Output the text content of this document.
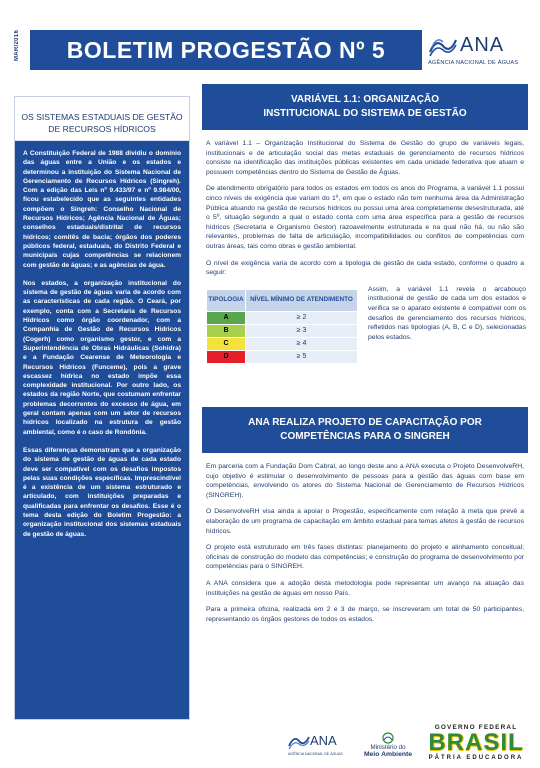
MAR/2016 BOLETIM PROGESTÃO Nº 5	ANA
AGÊNCIA NACIONAL DE ÁGUAS
OS SISTEMAS ESTADUAIS DE GESTÃO DE RECURSOS HÍDRICOS

A Constituição Federal de 1988 dividiu o domínio das águas entre a União e os estados e determinou a instituição do Sistema Nacional de Gerenciamento de Recursos Hídricos (Singreh). Com a edição das Leis nº 9.433/97 e nº 9.984/00, ficou estabelecido que as seguintes entidades compõem o Singreh: Conselho Nacional de Recursos Hídricos; Agência Nacional de Águas; conselhos estaduais/distrital de recursos hídricos; comitês de bacia; órgãos dos poderes públicos federal, estaduais, do Distrito Federal e municipais cujas competências se relacionem com gestão de águas; e as agências de água.

Nos estados, a organização institucional do sistema de gestão de águas varia de acordo com as características de cada região. O Ceará, por exemplo, conta com a Secretaria de Recursos Hídricos como órgão coordenador, com a Companhia de Gestão de Recursos Hídricos (Cogerh) como organismo gestor, e com a Superintendência de Obras Hidráulicas (Sohidra) e a Fundação Cearense de Meteorologia e Recursos Hídricos (Funceme), pois a grave escassez hídrica no estado impõe essa complexidade institucional. Por outro lado, os estados da região Norte, que costumam enfrentar problemas decorrentes do excesso de água, em geral contam apenas com um setor de recursos hídricos localizado na estrutura de gestão ambiental, como é o caso de Rondônia.

Essas diferenças demonstram que a organização do sistema de gestão de águas de cada estado deve ser compatível com os desafios impostos pelas suas condições específicas. Imprescindível é a existência de um sistema estruturado e articulado, com instituições preparadas e qualificadas para enfrentar os desafios. Esse é o tema desta edição do Boletim Progestão: a organização institucional dos sistemas estaduais de gestão de águas.

VARIÁVEL 1.1: ORGANIZAÇÃO
INSTITUCIONAL DO SISTEMA DE GESTÃO

A variável 1.1 – Organização Institucional do Sistema de Gestão do grupo de variáveis legais, institucionais e de articulação social das metas estaduais de gerenciamento de recursos hídricos consiste na identificação das instituições públicas existentes em cada unidade federativa que atuam e possuem competências dentro do Sistema de Gestão de Águas.

De atendimento obrigatório para todos os estados em todos os anos do Programa, a variável 1.1 possui cinco níveis de exigência que variam do 1º, em que o estado não tem nenhuma área da Administração Pública atuando na gestão de recursos hídricos ou possui uma área completamente desestruturada, até o 5º, situação segundo a qual o estado conta com uma área específica para a gestão de recursos hídricos (Secretaria e Organismo Gestor) razoavelmente estruturada e na qual não há, ou não são relevantes, problemas de falta de articulação, incompatibilidades ou conflitos de competências com outras áreas, tais como obras e gestão ambiental.

O nível de exigência varia de acordo com a tipologia de gestão de cada estado, conforme o quadro a seguir:

TIPOLOGIA	NÍVEL MÍNIMO DE ATENDIMENTO
A	≥ 2
B	≥ 3
C	≥ 4
D	≥ 5
Assim, a variável 1.1 revela o arcabouço institucional de gestão de cada um dos estados e verifica se o aparato existente é compatível com os desafios de gerenciamento dos recursos hídricos, refletidos nas tipologias (A, B, C e D), selecionadas pelos estados.
ANA REALIZA PROJETO DE CAPACITAÇÃO POR
COMPETÊNCIAS PARA O SINGREH

Em parceria com a Fundação Dom Cabral, ao longo deste ano a ANA executa o Projeto DesenvolveRH, cujo objetivo é estimular o desenvolvimento de pessoas para a gestão das águas com base em competências, envolvendo os atores do Sistema Nacional de Gerenciamento de Recursos Hídricos (SINGREH).

O DesenvolveRH visa ainda a apoiar o Progestão, especificamente com relação à meta que prevê a elaboração de um programa de capacitação em âmbito estadual para temas afetos à gestão de recursos hídricos.

O projeto está estruturado em três fases distintas: planejamento do projeto e alinhamento conceitual; oficinas de construção do modelo das competências; e construção do programa de desenvolvimento por competências para o SINGREH.

A ANA considera que a adoção desta metodologia pode representar um avanço na atuação das instituições na gestão de águas em nosso País.

Para a primeira oficina, realizada em 2 e 3 de março, se inscreveram um total de 50 participantes, representando os órgãos gestores de todos os estados.

ANA
AGÊNCIA NACIONAL DE ÁGUAS
Ministério do
Meio Ambiente
GOVERNO FEDERAL
BRASIL
PÁTRIA EDUCADORA
